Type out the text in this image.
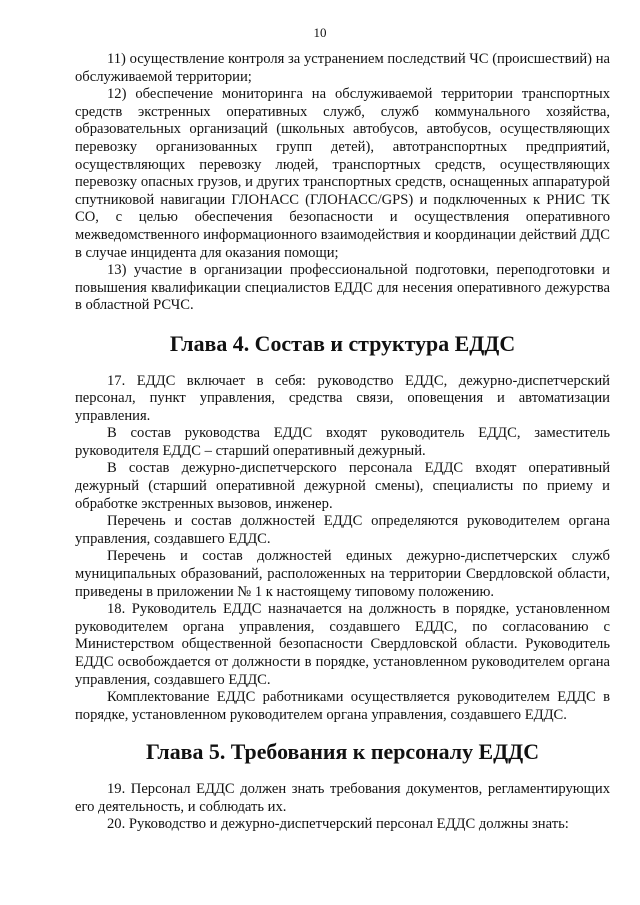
10

11) осуществление контроля за устранением последствий ЧС (происшествий) на обслуживаемой территории;

12) обеспечение мониторинга на обслуживаемой территории транспортных средств экстренных оперативных служб, служб коммунального хозяйства, образовательных организаций (школьных автобусов, автобусов, осуществляющих перевозку организованных групп детей), автотранспортных предприятий, осуществляющих перевозку людей, транспортных средств, осуществляющих перевозку опасных грузов, и других транспортных средств, оснащенных аппаратурой спутниковой навигации ГЛОНАСС (ГЛОНАСС/GPS) и подключенных к РНИС ТК СО, с целью обеспечения безопасности и осуществления оперативного межведомственного информационного взаимодействия и координации действий ДДС в случае инцидента для оказания помощи;

13) участие в организации профессиональной подготовки, переподготовки и повышения квалификации специалистов ЕДДС для несения оперативного дежурства в областной РСЧС.

Глава 4. Состав и структура ЕДДС

17. ЕДДС включает в себя: руководство ЕДДС, дежурно-диспетчерский персонал, пункт управления, средства связи, оповещения и автоматизации управления.

В состав руководства ЕДДС входят руководитель ЕДДС, заместитель руководителя ЕДДС – старший оперативный дежурный.

В состав дежурно-диспетчерского персонала ЕДДС входят оперативный дежурный (старший оперативной дежурной смены), специалисты по приему и обработке экстренных вызовов, инженер.

Перечень и состав должностей ЕДДС определяются руководителем органа управления, создавшего ЕДДС.

Перечень и состав должностей единых дежурно-диспетчерских служб муниципальных образований, расположенных на территории Свердловской области, приведены в приложении № 1 к настоящему типовому положению.

18. Руководитель ЕДДС назначается на должность в порядке, установленном руководителем органа управления, создавшего ЕДДС, по согласованию с Министерством общественной безопасности Свердловской области. Руководитель ЕДДС освобождается от должности в порядке, установленном руководителем органа управления, создавшего ЕДДС.

Комплектование ЕДДС работниками осуществляется руководителем ЕДДС в порядке, установленном руководителем органа управления, создавшего ЕДДС.

Глава 5. Требования к персоналу ЕДДС

19. Персонал ЕДДС должен знать требования документов, регламентирующих его деятельность, и соблюдать их.

20. Руководство и дежурно-диспетчерский персонал ЕДДС должны знать:
